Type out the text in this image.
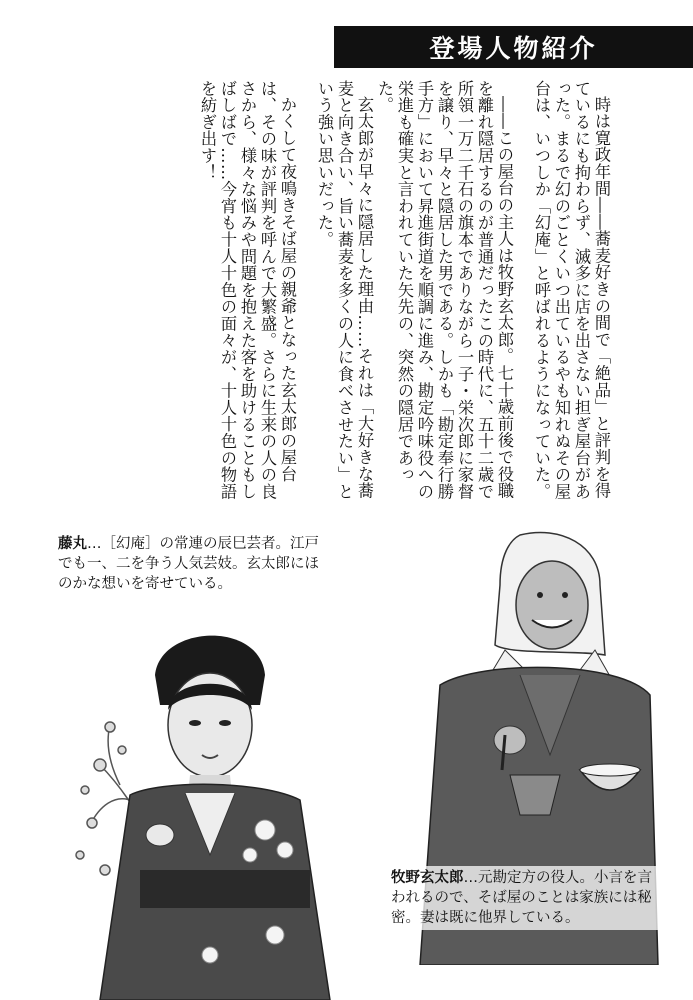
登場人物紹介

時は寛政年間――蕎麦好きの間で「絶品」と評判を得ているにも拘わらず、滅多に店を出さない担ぎ屋台があった。まるで幻のごとくいつ出ているやも知れぬその屋台は、いつしか「幻庵」と呼ばれるようになっていた。

――この屋台の主人は牧野玄太郎。七十歳前後で役職を離れ隠居するのが普通だったこの時代に、五十二歳で所領一万二千石の旗本でありながら一子・栄次郎に家督を譲り、早々と隠居した男である。しかも「勘定奉行勝手方」において昇進街道を順調に進み、勘定吟味役への栄進も確実と言われていた矢先の、突然の隠居であった。

玄太郎が早々に隠居した理由……それは「大好きな蕎麦と向き合い、旨い蕎麦を多くの人に食べさせたい」という強い思いだった。

かくして夜鳴きそば屋の親爺となった玄太郎の屋台は、その味が評判を呼んで大繁盛。さらに生来の人の良さから、様々な悩みや問題を抱えた客を助けることもしばしばで……今宵も十人十色の面々が、十人十色の物語を紡ぎ出す！

藤丸…［幻庵］の常連の辰巳芸者。江戸でも一、二を争う人気芸妓。玄太郎にほのかな想いを寄せている。
牧野玄太郎…元勘定方の役人。小言を言われるので、そば屋のことは家族には秘密。妻は既に他界している。
